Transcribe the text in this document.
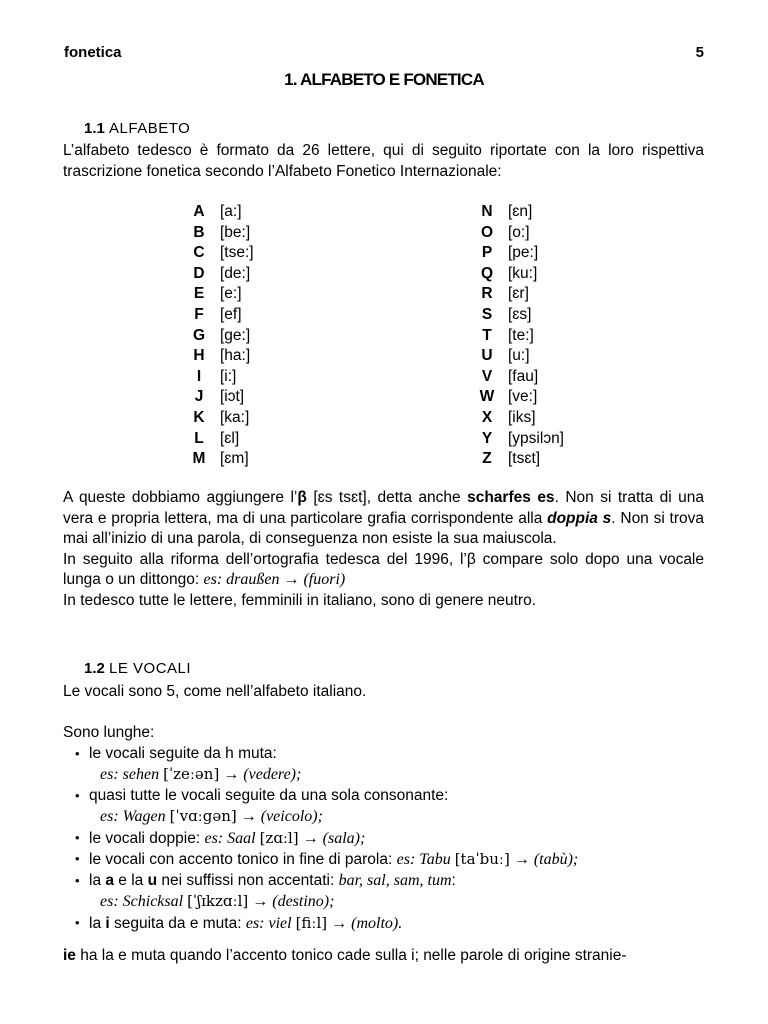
fonetica	5
1. ALFABETO E FONETICA
1.1 ALFABETO

L’alfabeto tedesco è formato da 26 lettere, qui di seguito riportate con la loro rispettiva trascrizione fonetica secondo l’Alfabeto Fonetico Internazionale:

A [a:]
B [be:]
C [tse:]
D [de:]
E [e:]
F [ef]
G [ge:]
H [ha:]
I [i:]
J [iɔt]
K [ka:]
L [ɛl]
M [ɛm]
N [ɛn]
O [o:]
P [pe:]
Q [ku:]
R [ɛr]
S [ɛs]
T [te:]
U [u:]
V [fau]
W [ve:]
X [iks]
Y [ypsilɔn]
Z [tsɛt]

A queste dobbiamo aggiungere l’β [ɛs tsɛt], detta anche scharfes es. Non si tratta di una vera e propria lettera, ma di una particolare grafia corrispondente alla doppia s. Non si trova mai all’inizio di una parola, di conseguenza non esiste la sua maiuscola.

In seguito alla riforma dell’ortografia tedesca del 1996, l’β compare solo dopo una vocale lunga o un dittongo: es: draußen → (fuori)

In tedesco tutte le lettere, femminili in italiano, sono di genere neutro.

1.2 LE VOCALI
Le vocali sono 5, come nell’alfabeto italiano.
Sono lunghe:
• le vocali seguite da h muta:
es: sehen [ˈzeːən] → (vedere);
• quasi tutte le vocali seguite da una sola consonante:
es: Wagen [ˈvɑːgən] → (veicolo);
• le vocali doppie: es: Saal [zɑːl] → (sala);
• le vocali con accento tonico in fine di parola: es: Tabu [taˈbuː] → (tabù);
• la a e la u nei suffissi non accentati: bar, sal, sam, tum:
es: Schicksal [ˈʃɪkzɑːl] → (destino);
• la i seguita da e muta: es: viel [fiːl] → (molto).
ie ha la e muta quando l’accento tonico cade sulla i; nelle parole di origine stranie-
